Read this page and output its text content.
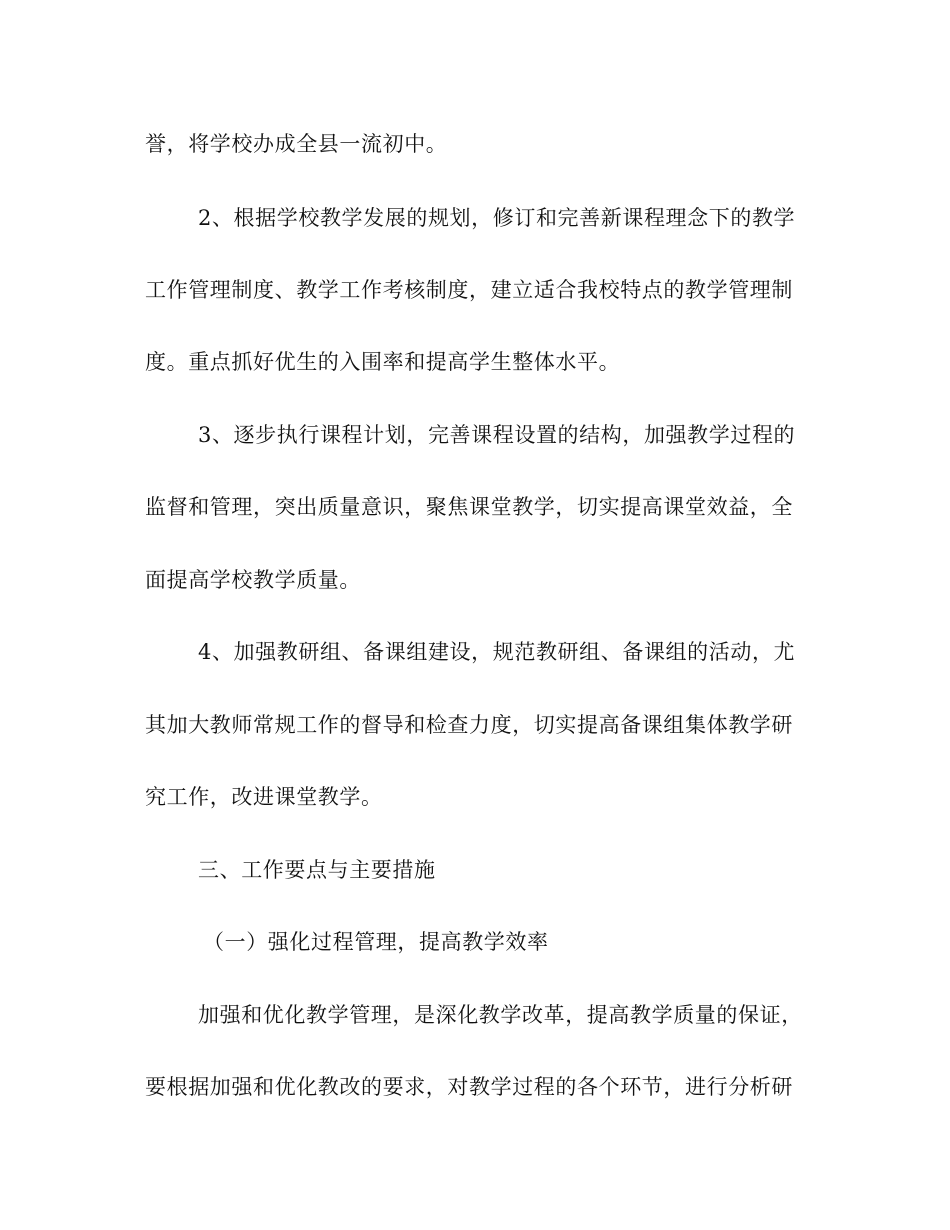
誉，将学校办成全县一流初中。
2、根据学校教学发展的规划，修订和完善新课程理念下的教学
工作管理制度、教学工作考核制度，建立适合我校特点的教学管理制
度。重点抓好优生的入围率和提高学生整体水平。
3、逐步执行课程计划，完善课程设置的结构，加强教学过程的
监督和管理，突出质量意识，聚焦课堂教学，切实提高课堂效益，全
面提高学校教学质量。
4、加强教研组、备课组建设，规范教研组、备课组的活动，尤
其加大教师常规工作的督导和检查力度，切实提高备课组集体教学研
究工作，改进课堂教学。
三、工作要点与主要措施
（一）强化过程管理，提高教学效率
加强和优化教学管理，是深化教学改革，提高教学质量的保证，
要根据加强和优化教改的要求，对教学过程的各个环节，进行分析研
